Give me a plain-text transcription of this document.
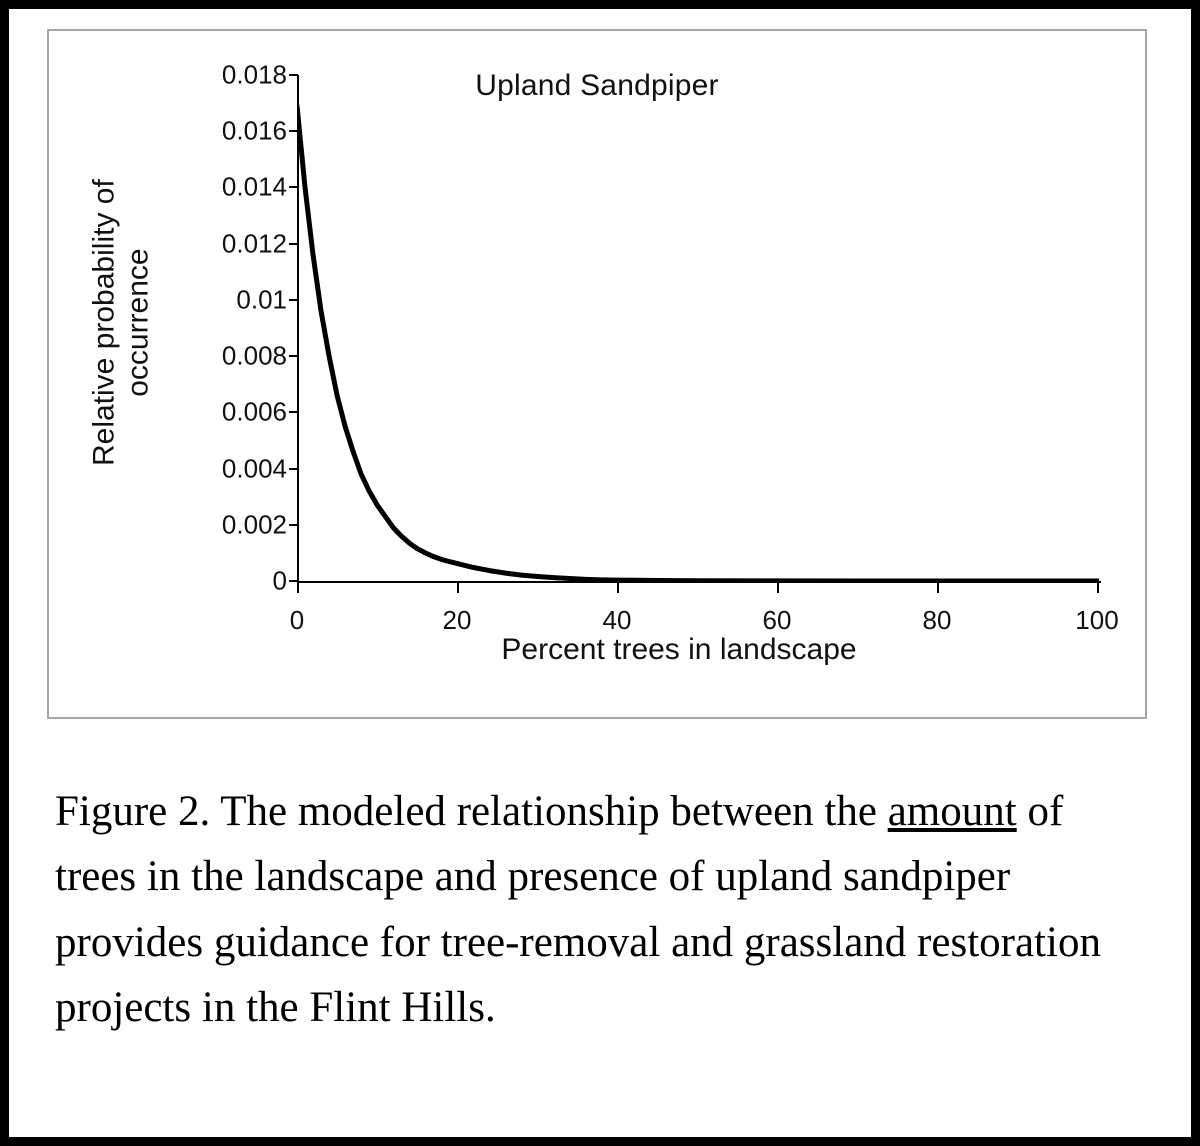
Upland Sandpiper
Relative probability of occurrence
0
0.002
0.004
0.006
0.008
0.01
0.012
0.014
0.016
0.018
0	20	40	60	80	100
Percent trees in landscape
Figure 2. The modeled relationship between the amount of trees in the landscape and presence of upland sandpiper provides guidance for tree-removal and grassland restoration projects in the Flint Hills.
